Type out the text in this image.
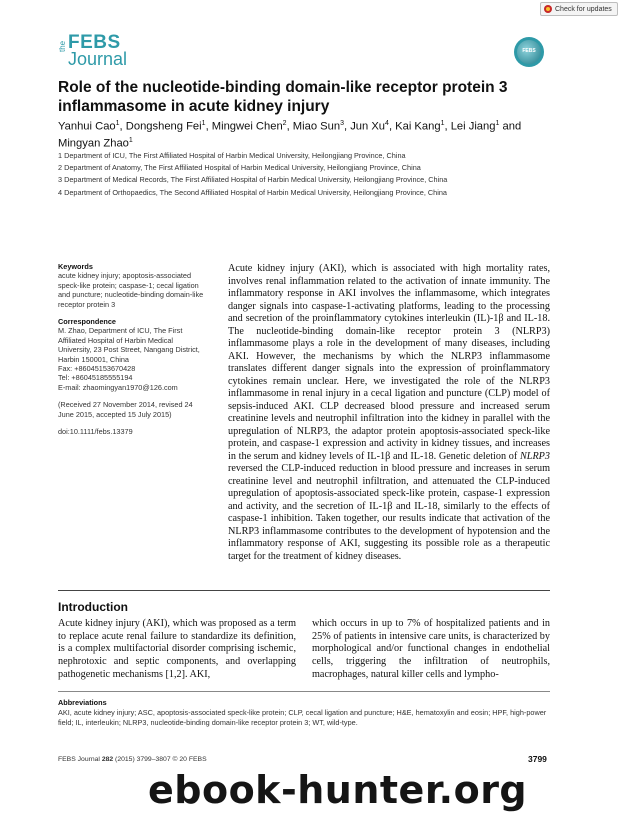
Check for updates
the FEBS
Journal	FEBS
Role of the nucleotide-binding domain-like receptor protein 3 inflammasome in acute kidney injury
Yanhui Cao$^1$, Dongsheng Fei$^1$, Mingwei Chen$^2$, Miao Sun$^3$, Jun Xu$^4$, Kai Kang$^1$, Lei Jiang$^1$ and Mingyan Zhao$^1$
1 Department of ICU, The First Affiliated Hospital of Harbin Medical University, Heilongjiang Province, China
2 Department of Anatomy, The First Affiliated Hospital of Harbin Medical University, Heilongjiang Province, China
3 Department of Medical Records, The First Affiliated Hospital of Harbin Medical University, Heilongjiang Province, China
4 Department of Orthopaedics, The Second Affiliated Hospital of Harbin Medical University, Heilongjiang Province, China
Keywords
acute kidney injury; apoptosis-associated speck-like protein; caspase-1; cecal ligation and puncture; nucleotide-binding domain-like receptor protein 3
Correspondence
M. Zhao, Department of ICU, The First Affiliated Hospital of Harbin Medical University, 23 Post Street, Nangang District, Harbin 150001, China
Fax: +86045153670428
Tel: +86045185555194
E-mail: zhaomingyan1970@126.com
(Received 27 November 2014, revised 24 June 2015, accepted 15 July 2015)
doi:10.1111/febs.13379
Acute kidney injury (AKI), which is associated with high mortality rates, involves renal inflammation related to the activation of innate immunity. The inflammatory response in AKI involves the inflammasome, which integrates danger signals into caspase-1-activating platforms, leading to the processing and secretion of the proinflammatory cytokines interleukin (IL)-1β and IL-18. The nucleotide-binding domain-like receptor protein 3 (NLRP3) inflammasome plays a role in the development of many diseases, including AKI. However, the mechanisms by which the NLRP3 inflammasome translates different danger signals into the expression of proinflammatory cytokines remain unclear. Here, we investigated the role of the NLRP3 inflammasome in renal injury in a cecal ligation and puncture (CLP) model of sepsis-induced AKI. CLP decreased blood pressure and increased serum creatinine levels and neutrophil infiltration into the kidney in parallel with the upregulation of NLRP3, the adaptor protein apoptosis-associated speck-like protein, and caspase-1 expression and activity in kidney tissues, and increases in the serum and kidney levels of IL-1β and IL-18. Genetic deletion of NLRP3 reversed the CLP-induced reduction in blood pressure and increases in serum creatinine level and neutrophil infiltration, and attenuated the CLP-induced upregulation of apoptosis-associated speck-like protein, caspase-1 expression and activity, and the secretion of IL-1β and IL-18, similarly to the effects of caspase-1 inhibition. Taken together, our results indicate that activation of the NLRP3 inflammasome contributes to the development of hypotension and the inflammatory response of AKI, suggesting its possible role as a therapeutic target for the treatment of kidney diseases.
Introduction
Acute kidney injury (AKI), which was proposed as a term to replace acute renal failure to standardize its definition, is a complex multifactorial disorder comprising ischemic, nephrotoxic and septic components, and overlapping pathogenetic mechanisms [1,2]. AKI,
which occurs in up to 7% of hospitalized patients and in 25% of patients in intensive care units, is characterized by morphological and/or functional changes in endothelial cells, triggering the infiltration of neutrophils, macrophages, natural killer cells and lympho-
Abbreviations
AKI, acute kidney injury; ASC, apoptosis-associated speck-like protein; CLP, cecal ligation and puncture; H&E, hematoxylin and eosin; HPF, high-power field; IL, interleukin; NLRP3, nucleotide-binding domain-like receptor protein 3; WT, wild-type.
FEBS Journal 282 (2015) 3799–3807 © 20 FEBS	3799
ebook-hunter.org
